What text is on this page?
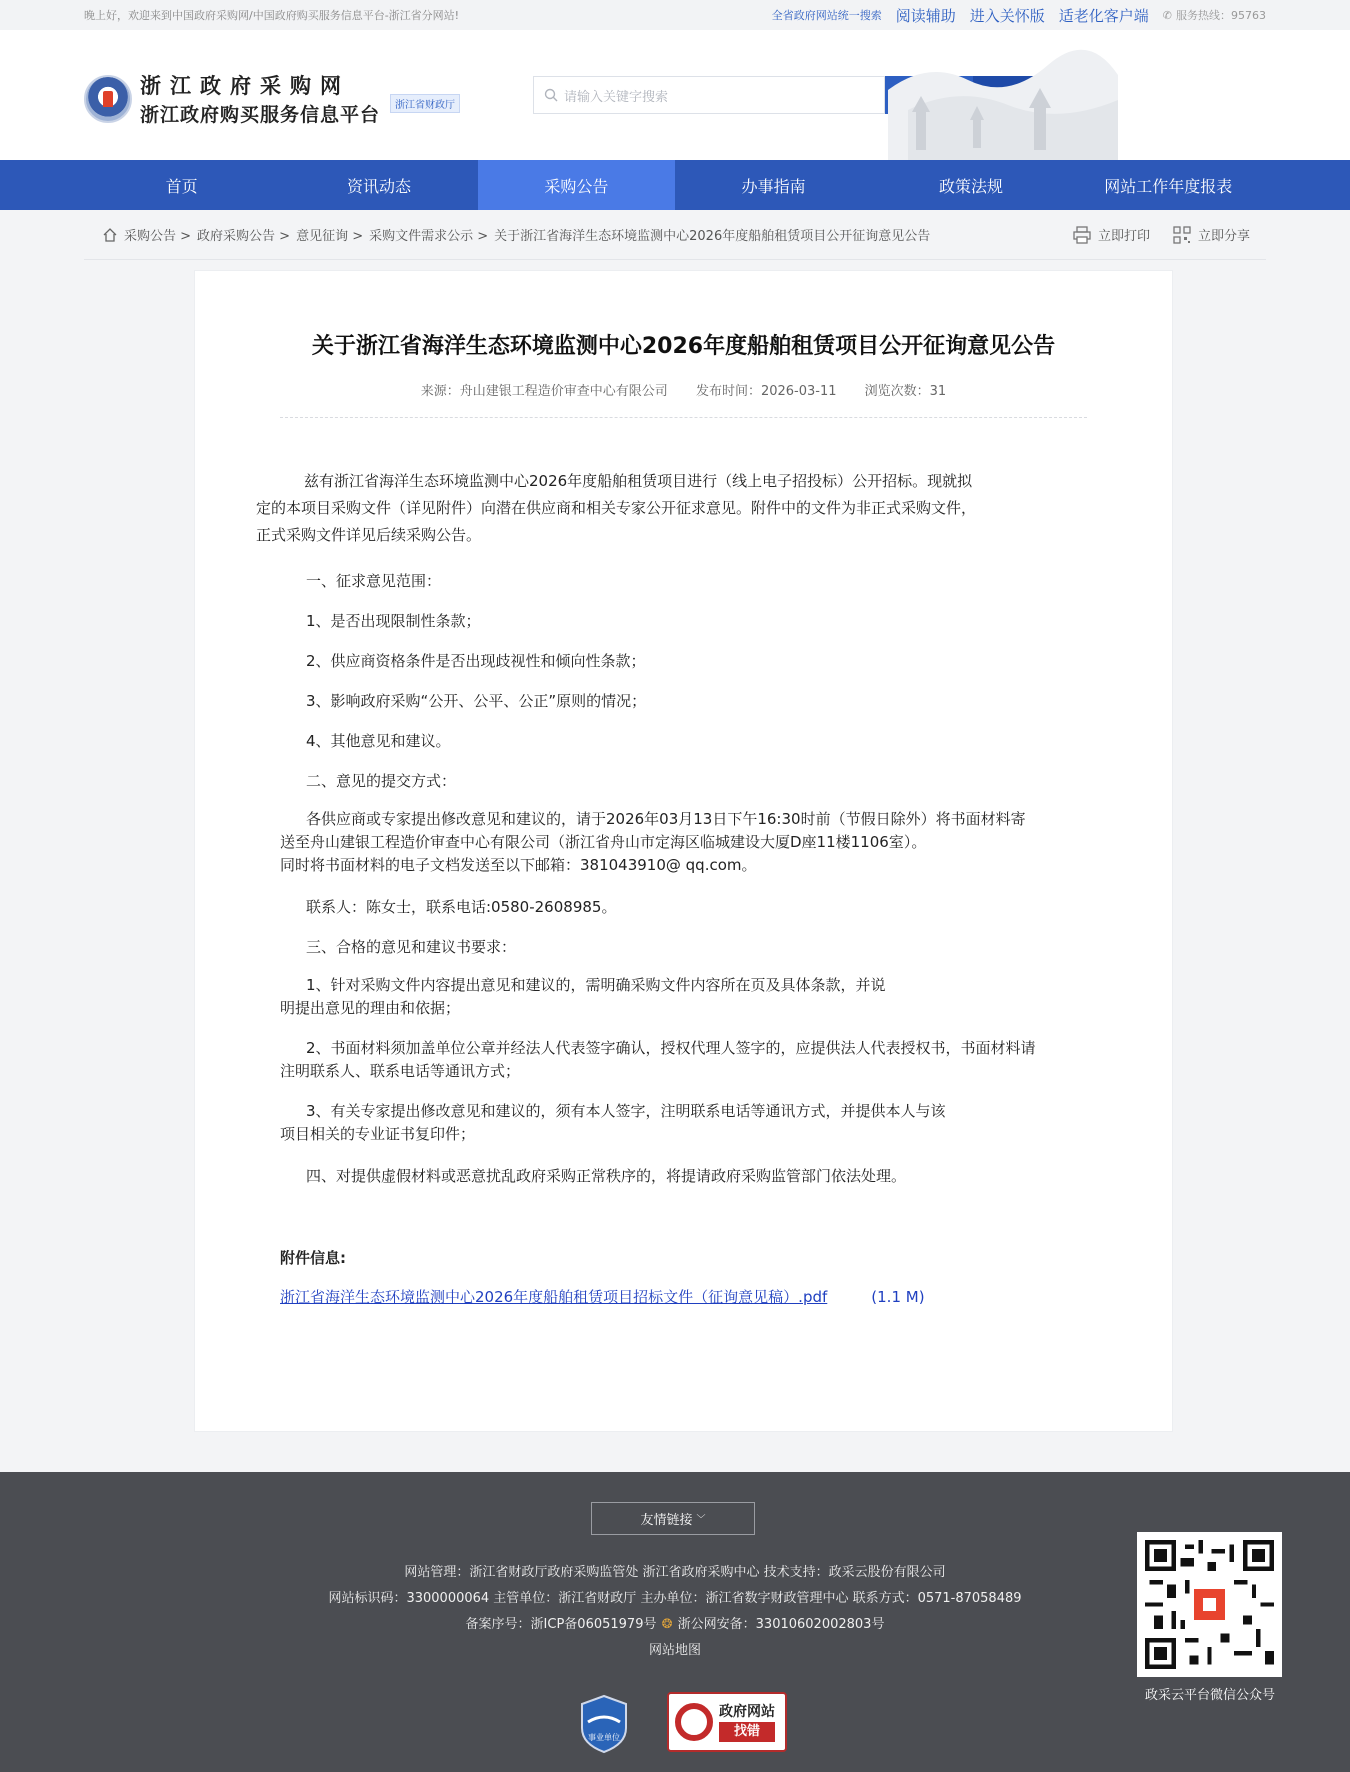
晚上好，欢迎来到中国政府采购网/中国政府购买服务信息平台-浙江省分网站!	全省政府网站统一搜索 阅读辅助 进入关怀版 适老化客户端 ✆ 服务热线：95763
浙江政府采购网
浙江政府购买服务信息平台	浙江省财政厅
请输入关键字搜索
首页	资讯动态	采购公告	办事指南	政策法规	网站工作年度报表
采购公告 > 政府采购公告 > 意见征询 > 采购文件需求公示 > 关于浙江省海洋生态环境监测中心2026年度船舶租赁项目公开征询意见公告	立即打印	立即分享
关于浙江省海洋生态环境监测中心2026年度船舶租赁项目公开征询意见公告
来源：舟山建银工程造价审查中心有限公司 发布时间：2026-03-11 浏览次数：31

兹有浙江省海洋生态环境监测中心2026年度船舶租赁项目进行（线上电子招投标）公开招标。现就拟
定的本项目采购文件（详见附件）向潜在供应商和相关专家公开征求意见。附件中的文件为非正式采购文件，
正式采购文件详见后续采购公告。

一、征求意见范围：

1、是否出现限制性条款；

2、供应商资格条件是否出现歧视性和倾向性条款；

3、影响政府采购“公开、公平、公正”原则的情况；

4、其他意见和建议。

二、意见的提交方式：

各供应商或专家提出修改意见和建议的，请于2026年03月13日下午16:30时前（节假日除外）将书面材料寄
送至舟山建银工程造价审查中心有限公司（浙江省舟山市定海区临城建设大厦D座11楼1106室）。
同时将书面材料的电子文档发送至以下邮箱：381043910@ qq.com。

联系人：陈女士，联系电话:0580-2608985。

三、合格的意见和建议书要求：

1、针对采购文件内容提出意见和建议的，需明确采购文件内容所在页及具体条款，并说
明提出意见的理由和依据；

2、书面材料须加盖单位公章并经法人代表签字确认，授权代理人签字的，应提供法人代表授权书，书面材料请
注明联系人、联系电话等通讯方式；

3、有关专家提出修改意见和建议的，须有本人签字，注明联系电话等通讯方式，并提供本人与该
项目相关的专业证书复印件；

四、对提供虚假材料或恶意扰乱政府采购正常秩序的，将提请政府采购监管部门依法处理。

附件信息:
浙江省海洋生态环境监测中心2026年度船舶租赁项目招标文件（征询意见稿）.pdf	(1.1 M)
友情链接 ﹀
网站管理：浙江省财政厅政府采购监管处 浙江省政府采购中心 技术支持：政采云股份有限公司
网站标识码：3300000064 主管单位：浙江省财政厅 主办单位：浙江省数字财政管理中心 联系方式：0571-87058489
备案序号：浙ICP备06051979号 ❂ 浙公网安备：33010602002803号
网站地图
政采云平台微信公众号
事业单位
政府网站
找错
